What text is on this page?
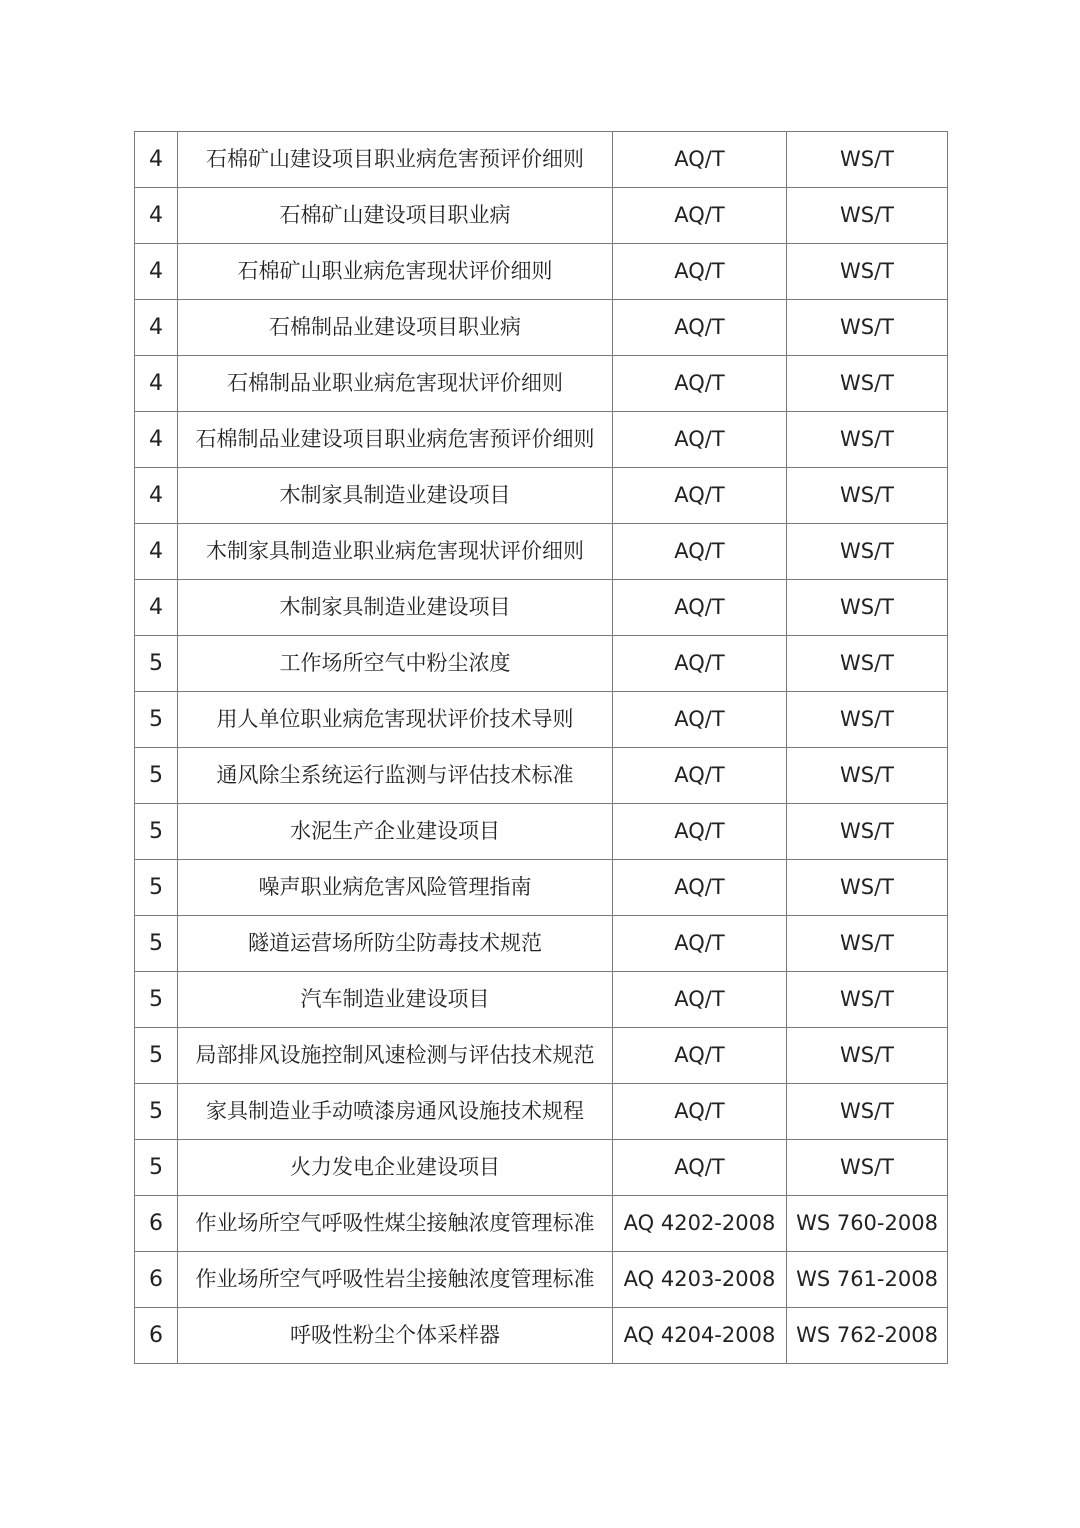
4	石棉矿山建设项目职业病危害预评价细则	AQ/T	WS/T
4	石棉矿山建设项目职业病	AQ/T	WS/T
4	石棉矿山职业病危害现状评价细则	AQ/T	WS/T
4	石棉制品业建设项目职业病	AQ/T	WS/T
4	石棉制品业职业病危害现状评价细则	AQ/T	WS/T
4	石棉制品业建设项目职业病危害预评价细则	AQ/T	WS/T
4	木制家具制造业建设项目	AQ/T	WS/T
4	木制家具制造业职业病危害现状评价细则	AQ/T	WS/T
4	木制家具制造业建设项目	AQ/T	WS/T
5	工作场所空气中粉尘浓度	AQ/T	WS/T
5	用人单位职业病危害现状评价技术导则	AQ/T	WS/T
5	通风除尘系统运行监测与评估技术标准	AQ/T	WS/T
5	水泥生产企业建设项目	AQ/T	WS/T
5	噪声职业病危害风险管理指南	AQ/T	WS/T
5	隧道运营场所防尘防毒技术规范	AQ/T	WS/T
5	汽车制造业建设项目	AQ/T	WS/T
5	局部排风设施控制风速检测与评估技术规范	AQ/T	WS/T
5	家具制造业手动喷漆房通风设施技术规程	AQ/T	WS/T
5	火力发电企业建设项目	AQ/T	WS/T
6	作业场所空气呼吸性煤尘接触浓度管理标准	AQ 4202-2008	WS 760-2008
6	作业场所空气呼吸性岩尘接触浓度管理标准	AQ 4203-2008	WS 761-2008
6	呼吸性粉尘个体采样器	AQ 4204-2008	WS 762-2008
